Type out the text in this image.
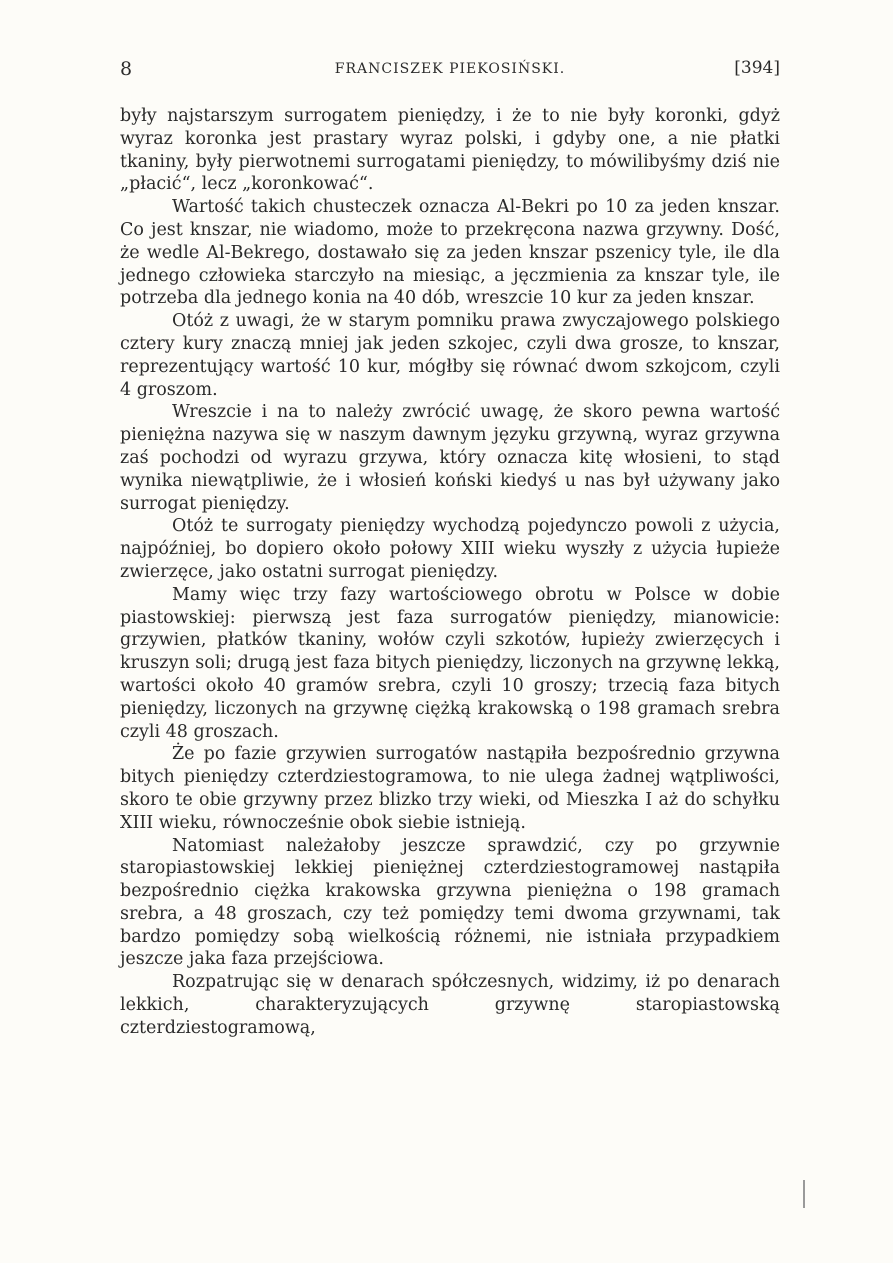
8	FRANCISZEK PIEKOSIŃSKI.	[394]

były najstarszym surrogatem pieniędzy, i że to nie były koronki, gdyż wyraz koronka jest prastary wyraz polski, i gdyby one, a nie płatki tkaniny, były pierwotnemi surrogatami pieniędzy, to mówilibyśmy dziś nie „płacić“, lecz „koronkować“.

Wartość takich chusteczek oznacza Al-Bekri po 10 za jeden knszar. Co jest knszar, nie wiadomo, może to przekręcona nazwa grzywny. Dość, że wedle Al-Bekrego, dostawało się za jeden knszar pszenicy tyle, ile dla jednego człowieka starczyło na miesiąc, a jęczmienia za knszar tyle, ile potrzeba dla jednego konia na 40 dób, wreszcie 10 kur za jeden knszar.

Otóż z uwagi, że w starym pomniku prawa zwyczajowego polskiego cztery kury znaczą mniej jak jeden szkojec, czyli dwa grosze, to knszar, reprezentujący wartość 10 kur, mógłby się równać dwom szkojcom, czyli 4 groszom.

Wreszcie i na to należy zwrócić uwagę, że skoro pewna wartość pieniężna nazywa się w naszym dawnym języku grzywną, wyraz grzywna zaś pochodzi od wyrazu grzywa, który oznacza kitę włosieni, to stąd wynika niewątpliwie, że i włosień koński kiedyś u nas był używany jako surrogat pieniędzy.

Otóż te surrogaty pieniędzy wychodzą pojedynczo powoli z użycia, najpóźniej, bo dopiero około połowy XIII wieku wyszły z użycia łupieże zwierzęce, jako ostatni surrogat pieniędzy.

Mamy więc trzy fazy wartościowego obrotu w Polsce w dobie piastowskiej: pierwszą jest faza surrogatów pieniędzy, mianowicie: grzywien, płatków tkaniny, wołów czyli szkotów, łupieży zwierzęcych i kruszyn soli; drugą jest faza bitych pieniędzy, liczonych na grzywnę lekką, wartości około 40 gramów srebra, czyli 10 groszy; trzecią faza bitych pieniędzy, liczonych na grzywnę ciężką krakowską o 198 gramach srebra czyli 48 groszach.

Że po fazie grzywien surrogatów nastąpiła bezpośrednio grzywna bitych pieniędzy czterdziestogramowa, to nie ulega żadnej wątpliwości, skoro te obie grzywny przez blizko trzy wieki, od Mieszka I aż do schyłku XIII wieku, równocześnie obok siebie istnieją.

Natomiast należałoby jeszcze sprawdzić, czy po grzywnie staropiastowskiej lekkiej pieniężnej czterdziestogramowej nastąpiła bezpośrednio ciężka krakowska grzywna pieniężna o 198 gramach srebra, a 48 groszach, czy też pomiędzy temi dwoma grzywnami, tak bardzo pomiędzy sobą wielkością różnemi, nie istniała przypadkiem jeszcze jaka faza przejściowa.

Rozpatrując się w denarach spółczesnych, widzimy, iż po denarach lekkich, charakteryzujących grzywnę staropiastowską czterdziestogramową,
